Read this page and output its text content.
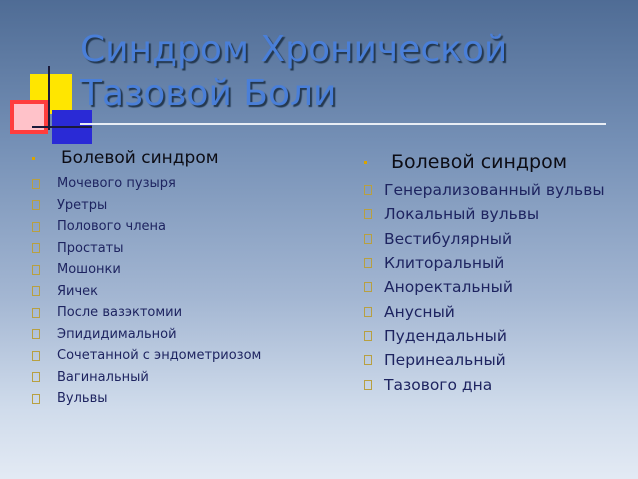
Синдром Хронической
Тазовой Боли
Болевой синдром
Мочевого пузыря
Уретры
Полового члена
Простаты
Мошонки
Яичек
После вазэктомии
Эпидидимальной
Сочетанной с эндометриозом
Вагинальный
Вульвы
Болевой синдром
Генерализованный вульвы
Локальный вульвы
Вестибулярный
Клиторальный
Аноректальный
Анусный
Пудендальный
Перинеальный
Тазового дна
